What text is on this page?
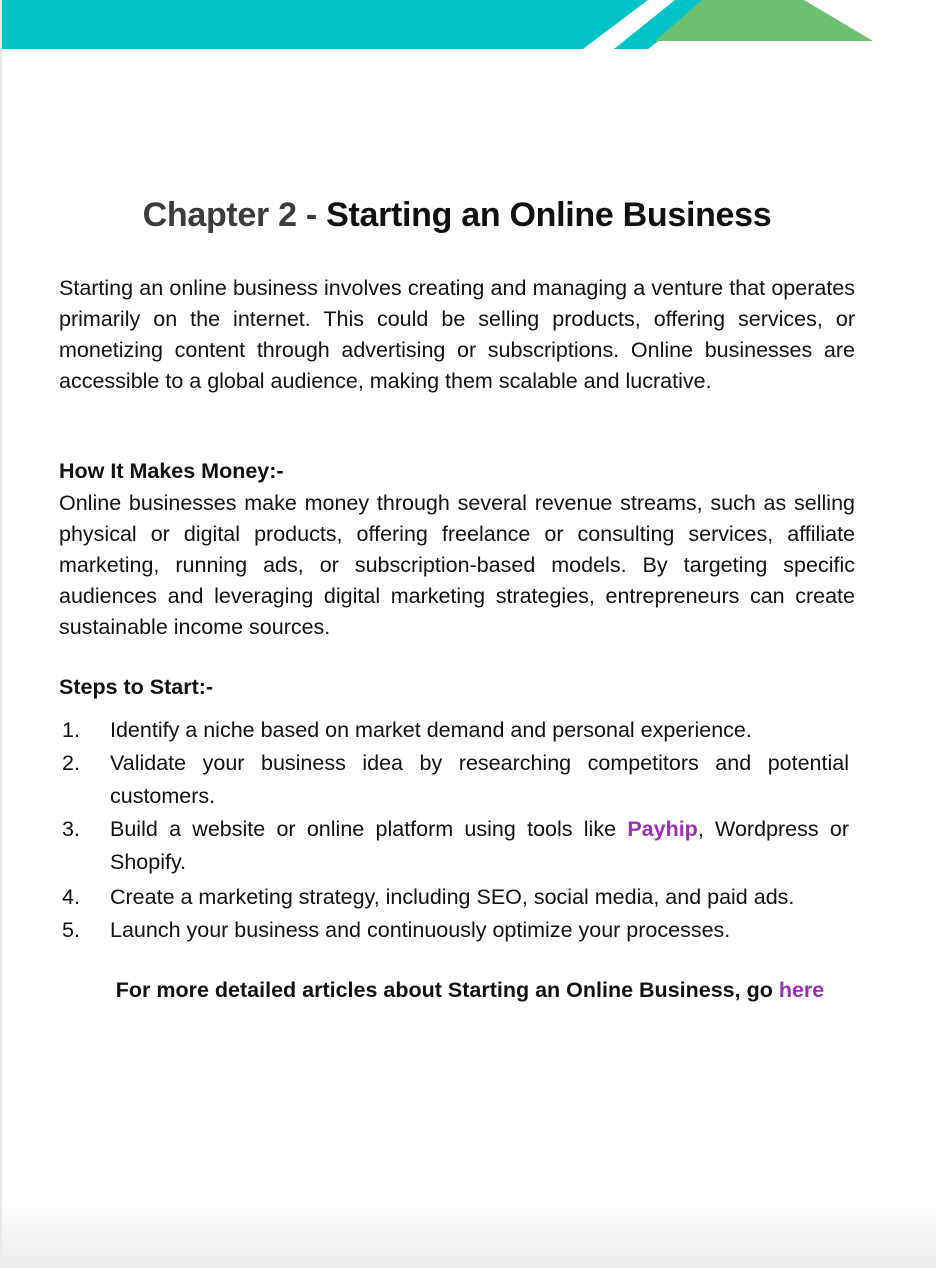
Chapter 2 - Starting an Online Business

Starting an online business involves creating and managing a venture that operates primarily on the internet. This could be selling products, offering services, or monetizing content through advertising or subscriptions. Online businesses are accessible to a global audience, making them scalable and lucrative.

How It Makes Money:-

Online businesses make money through several revenue streams, such as selling physical or digital products, offering freelance or consulting services, affiliate marketing, running ads, or subscription-based models. By targeting specific audiences and leveraging digital marketing strategies, entrepreneurs can create sustainable income sources.

Steps to Start:-
1. Identify a niche based on market demand and personal experience.
2. Validate your business idea by researching competitors and potential customers.
3. Build a website or online platform using tools like Payhip, Wordpress or Shopify.
4. Create a marketing strategy, including SEO, social media, and paid ads.
5. Launch your business and continuously optimize your processes.
For more detailed articles about Starting an Online Business, go here
